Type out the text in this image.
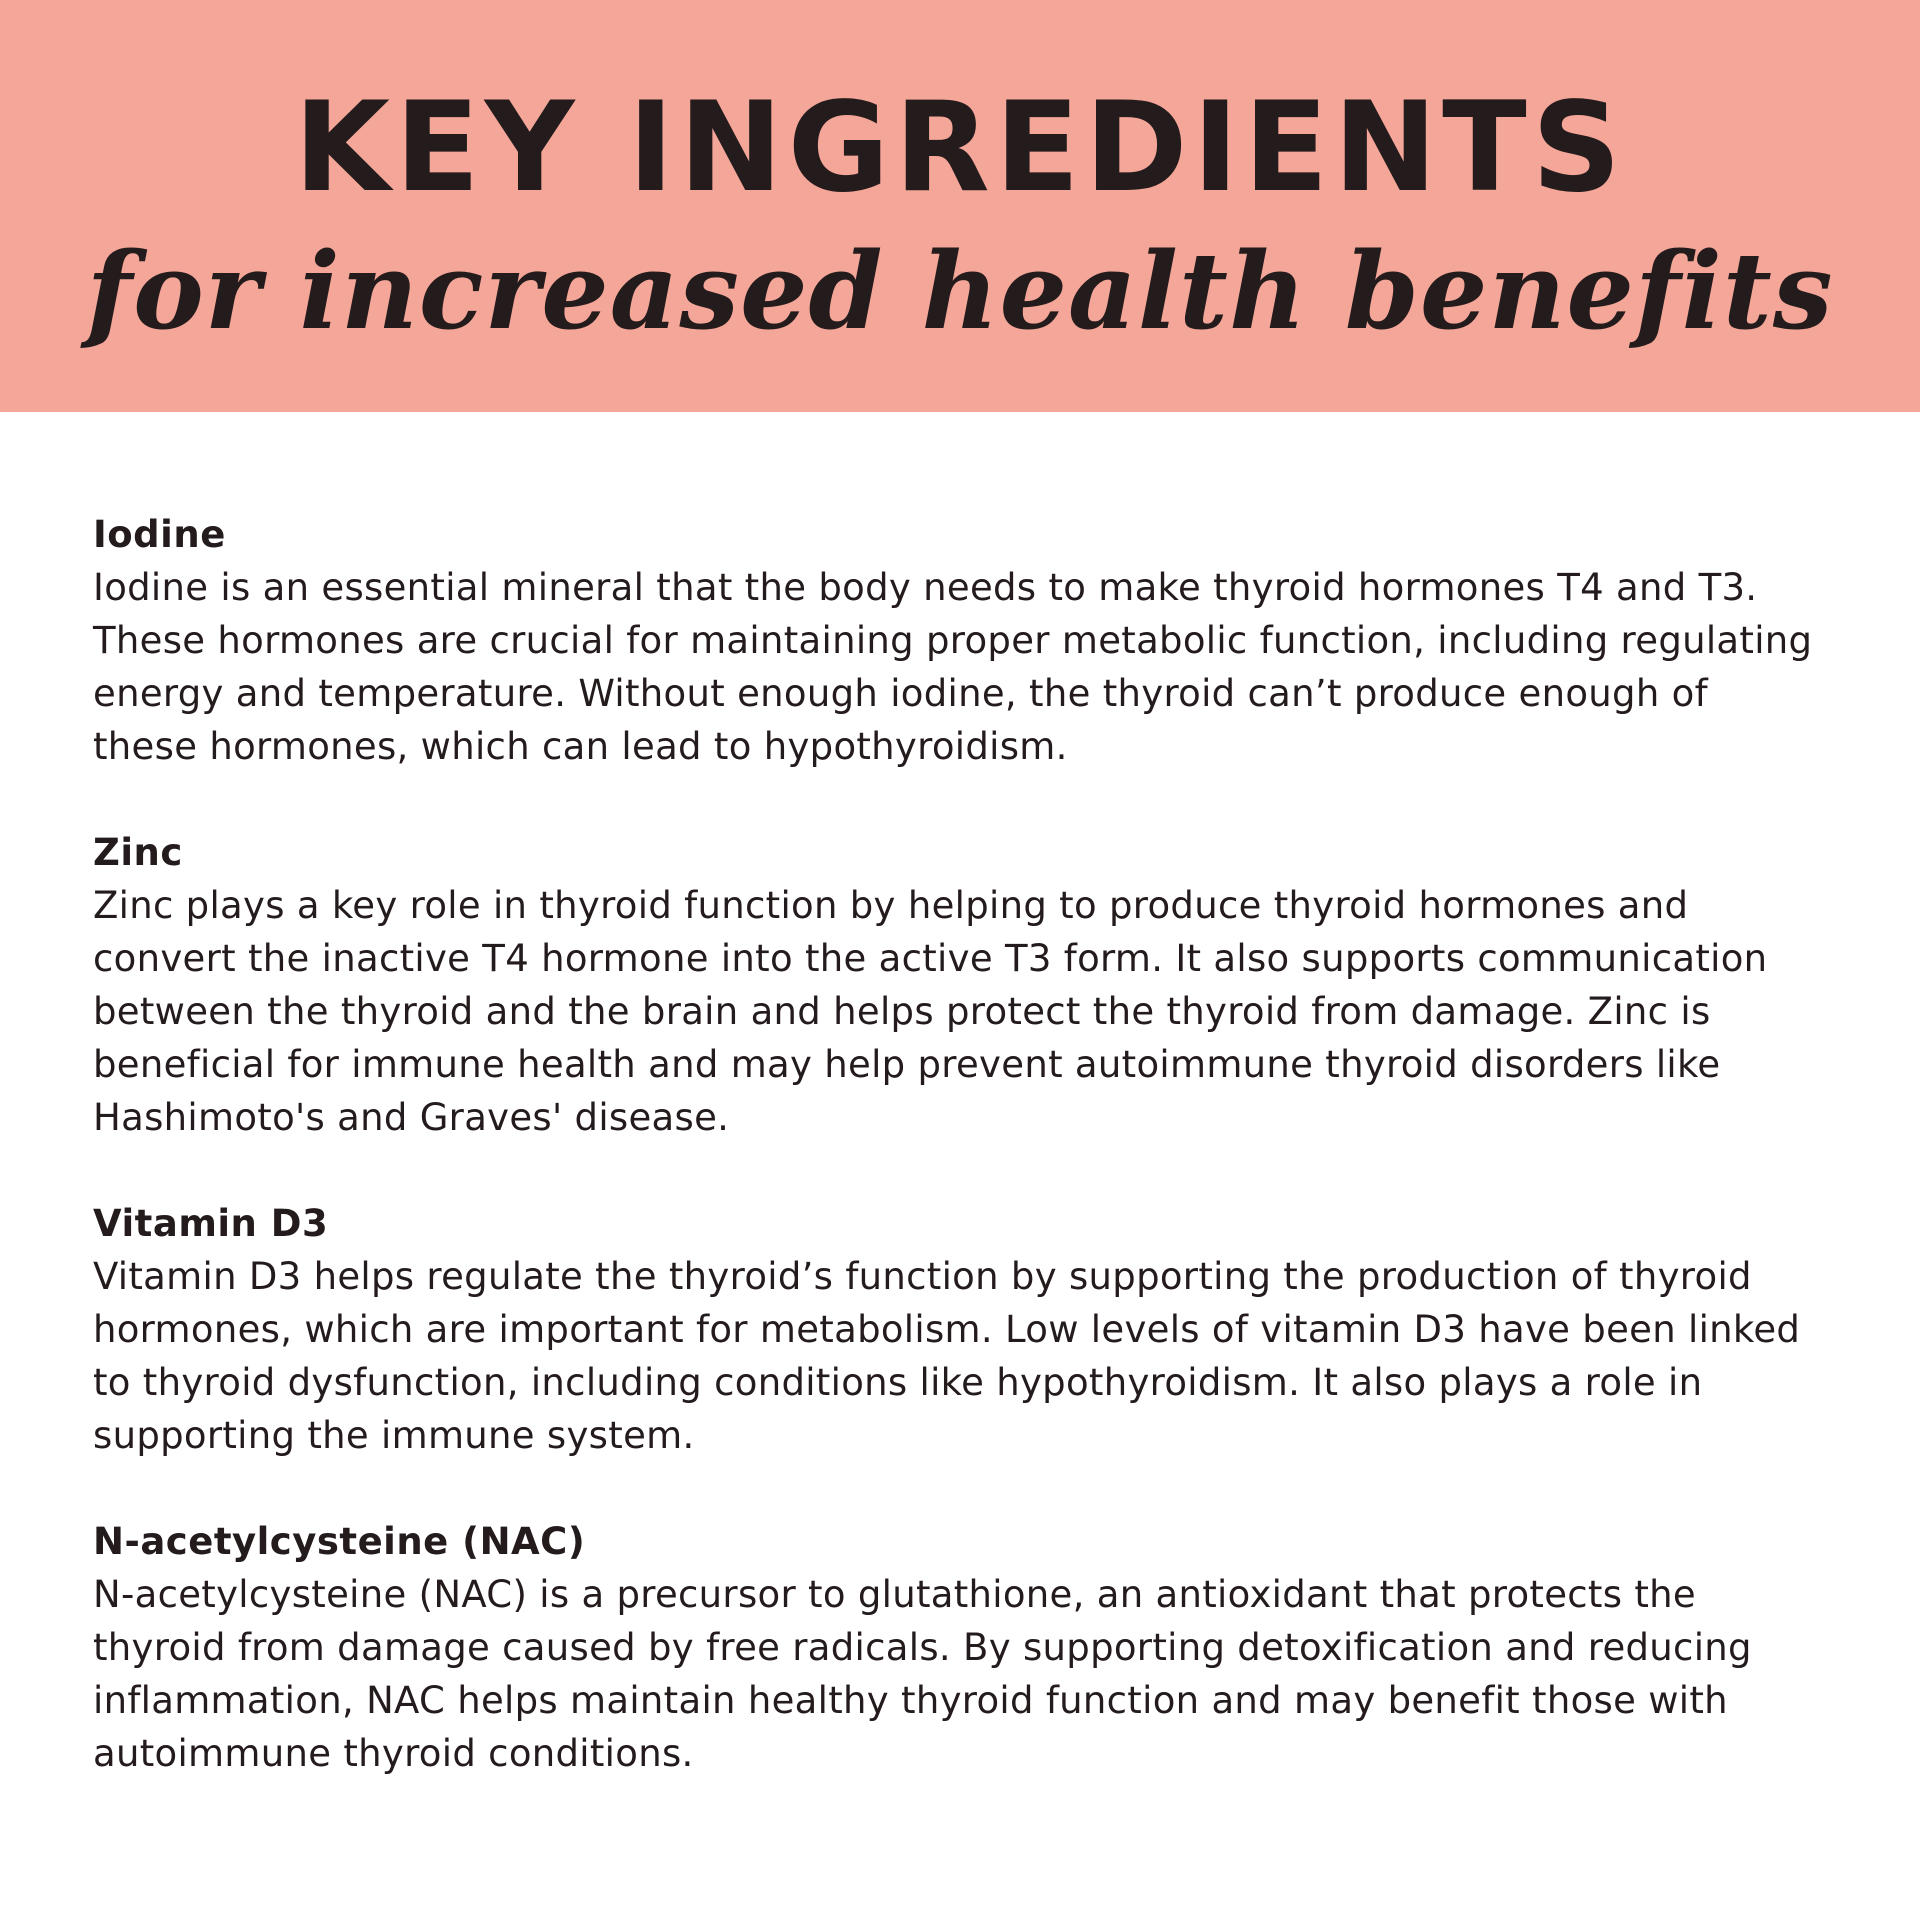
KEY INGREDIENTS
for increased health benefits

Iodine

Iodine is an essential mineral that the body needs to make thyroid hormones T4 and T3. These hormones are crucial for maintaining proper metabolic function, including regulating energy and temperature. Without enough iodine, the thyroid can’t produce enough of these hormones, which can lead to hypothyroidism.

Zinc

Zinc plays a key role in thyroid function by helping to produce thyroid hormones and convert the inactive T4 hormone into the active T3 form. It also supports communication between the thyroid and the brain and helps protect the thyroid from damage. Zinc is beneficial for immune health and may help prevent autoimmune thyroid disorders like Hashimoto's and Graves' disease.

Vitamin D3

Vitamin D3 helps regulate the thyroid’s function by supporting the production of thyroid hormones, which are important for metabolism. Low levels of vitamin D3 have been linked to thyroid dysfunction, including conditions like hypothyroidism. It also plays a role in supporting the immune system.

N-acetylcysteine (NAC)

N-acetylcysteine (NAC) is a precursor to glutathione, an antioxidant that protects the thyroid from damage caused by free radicals. By supporting detoxification and reducing inflammation, NAC helps maintain healthy thyroid function and may benefit those with autoimmune thyroid conditions.
